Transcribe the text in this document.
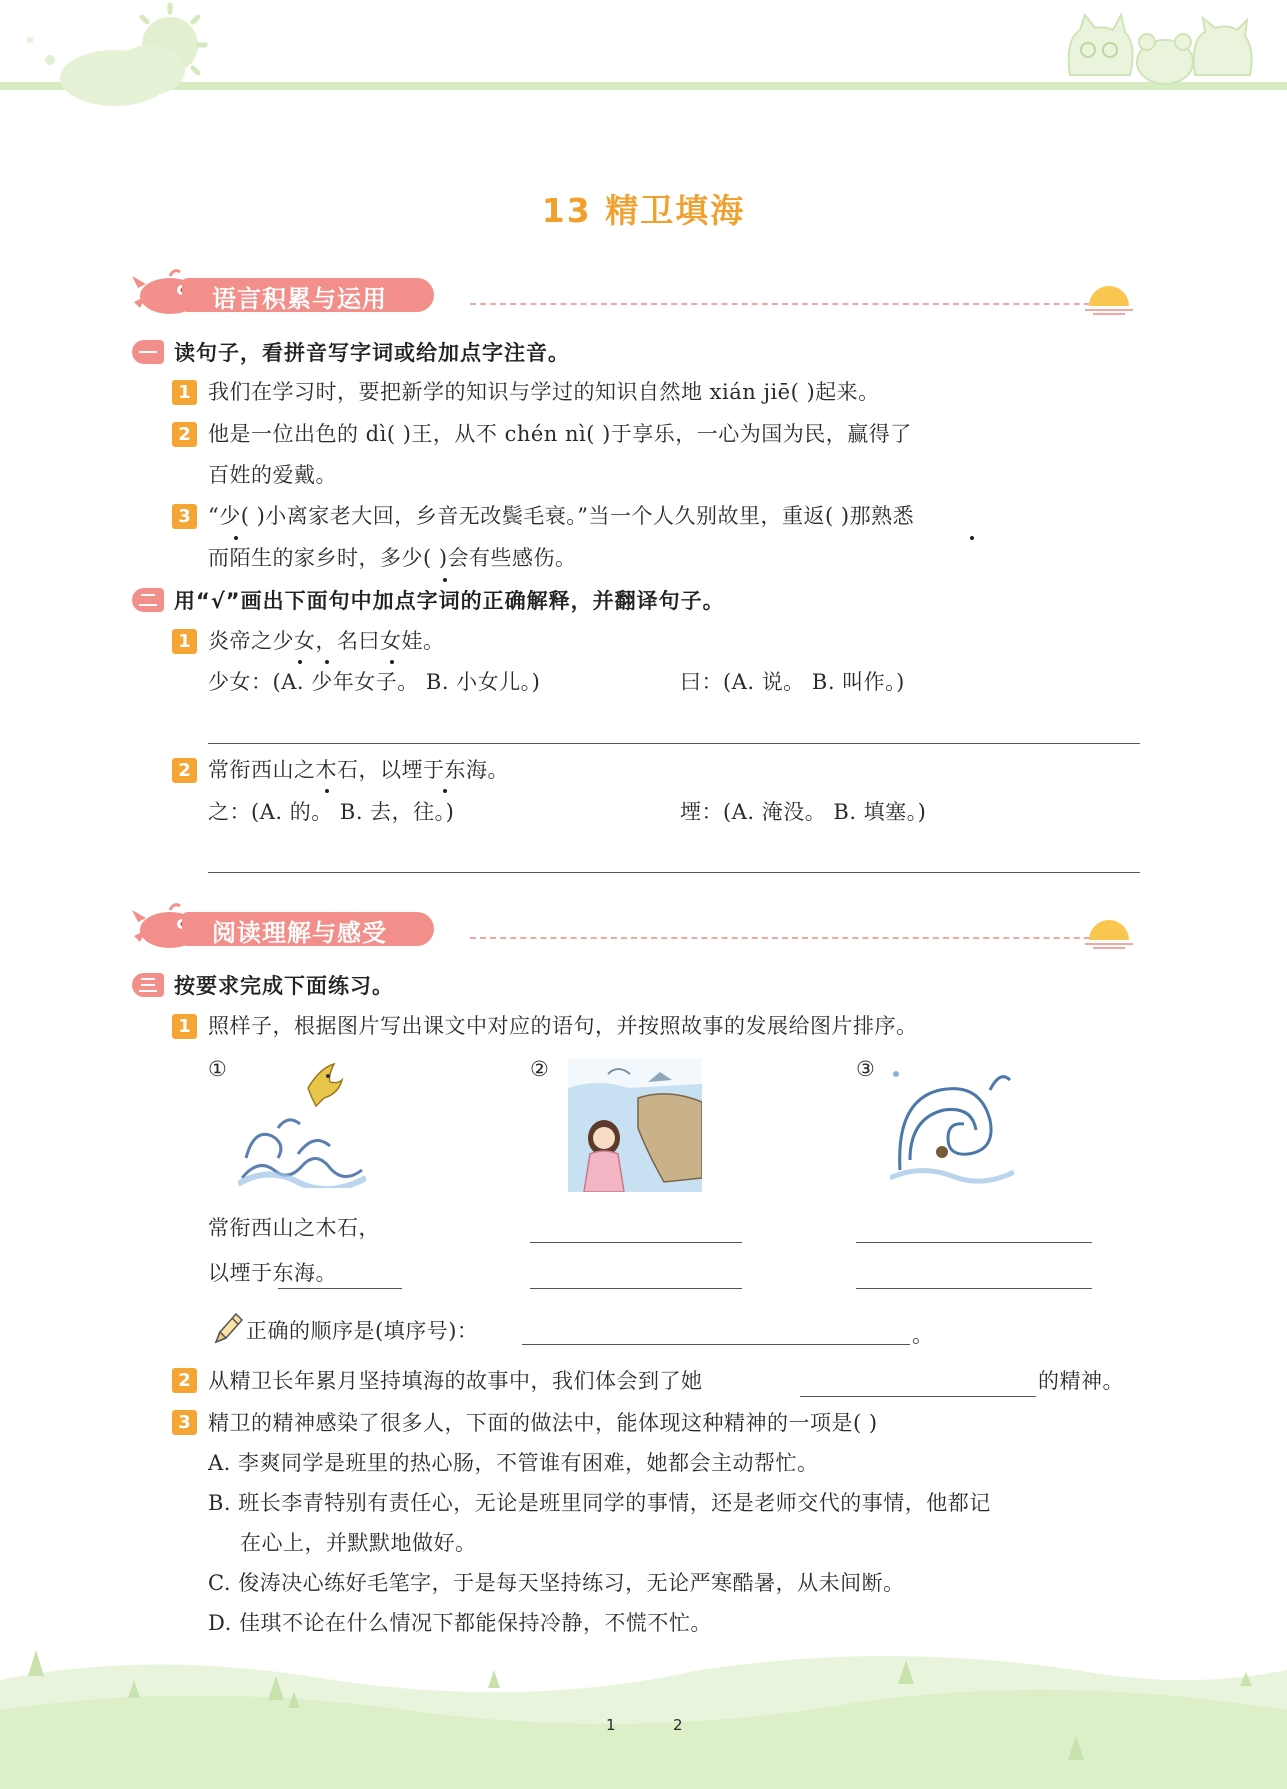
13 精卫填海
语言积累与运用
读句子，看拼音写字词或给加点字注音。
1 我们在学习时，要把新学的知识与学过的知识自然地 xián jiē( )起来。
2 他是一位出色的 dì( )王，从不 chén nì( )于享乐，一心为国为民，赢得了
百姓的爱戴。
3 “少( )小离家老大回，乡音无改鬓毛衰。”当一个人久别故里，重返( )那熟悉
而陌生的家乡时，多少( )会有些感伤。
用“√”画出下面句中加点字词的正确解释，并翻译句子。
1 炎帝之少女，名曰女娃。
少女：(A. 少年女子。 B. 小女儿。)	曰：(A. 说。 B. 叫作。)
2 常衔西山之木石，以堙于东海。
之：(A. 的。 B. 去，往。)	堙：(A. 淹没。 B. 填塞。)
阅读理解与感受
按要求完成下面练习。
1 照样子，根据图片写出课文中对应的语句，并按照故事的发展给图片排序。
①	②	③
常衔西山之木石，
以堙于东海。
正确的顺序是(填序号)：	。
2 从精卫长年累月坚持填海的故事中，我们体会到了她	的精神。
3 精卫的精神感染了很多人，下面的做法中，能体现这种精神的一项是( )
A. 李爽同学是班里的热心肠，不管谁有困难，她都会主动帮忙。
B. 班长李青特别有责任心，无论是班里同学的事情，还是老师交代的事情，他都记
在心上，并默默地做好。
C. 俊涛决心练好毛笔字，于是每天坚持练习，无论严寒酷暑，从未间断。
D. 佳琪不论在什么情况下都能保持冷静，不慌不忙。
1	2
